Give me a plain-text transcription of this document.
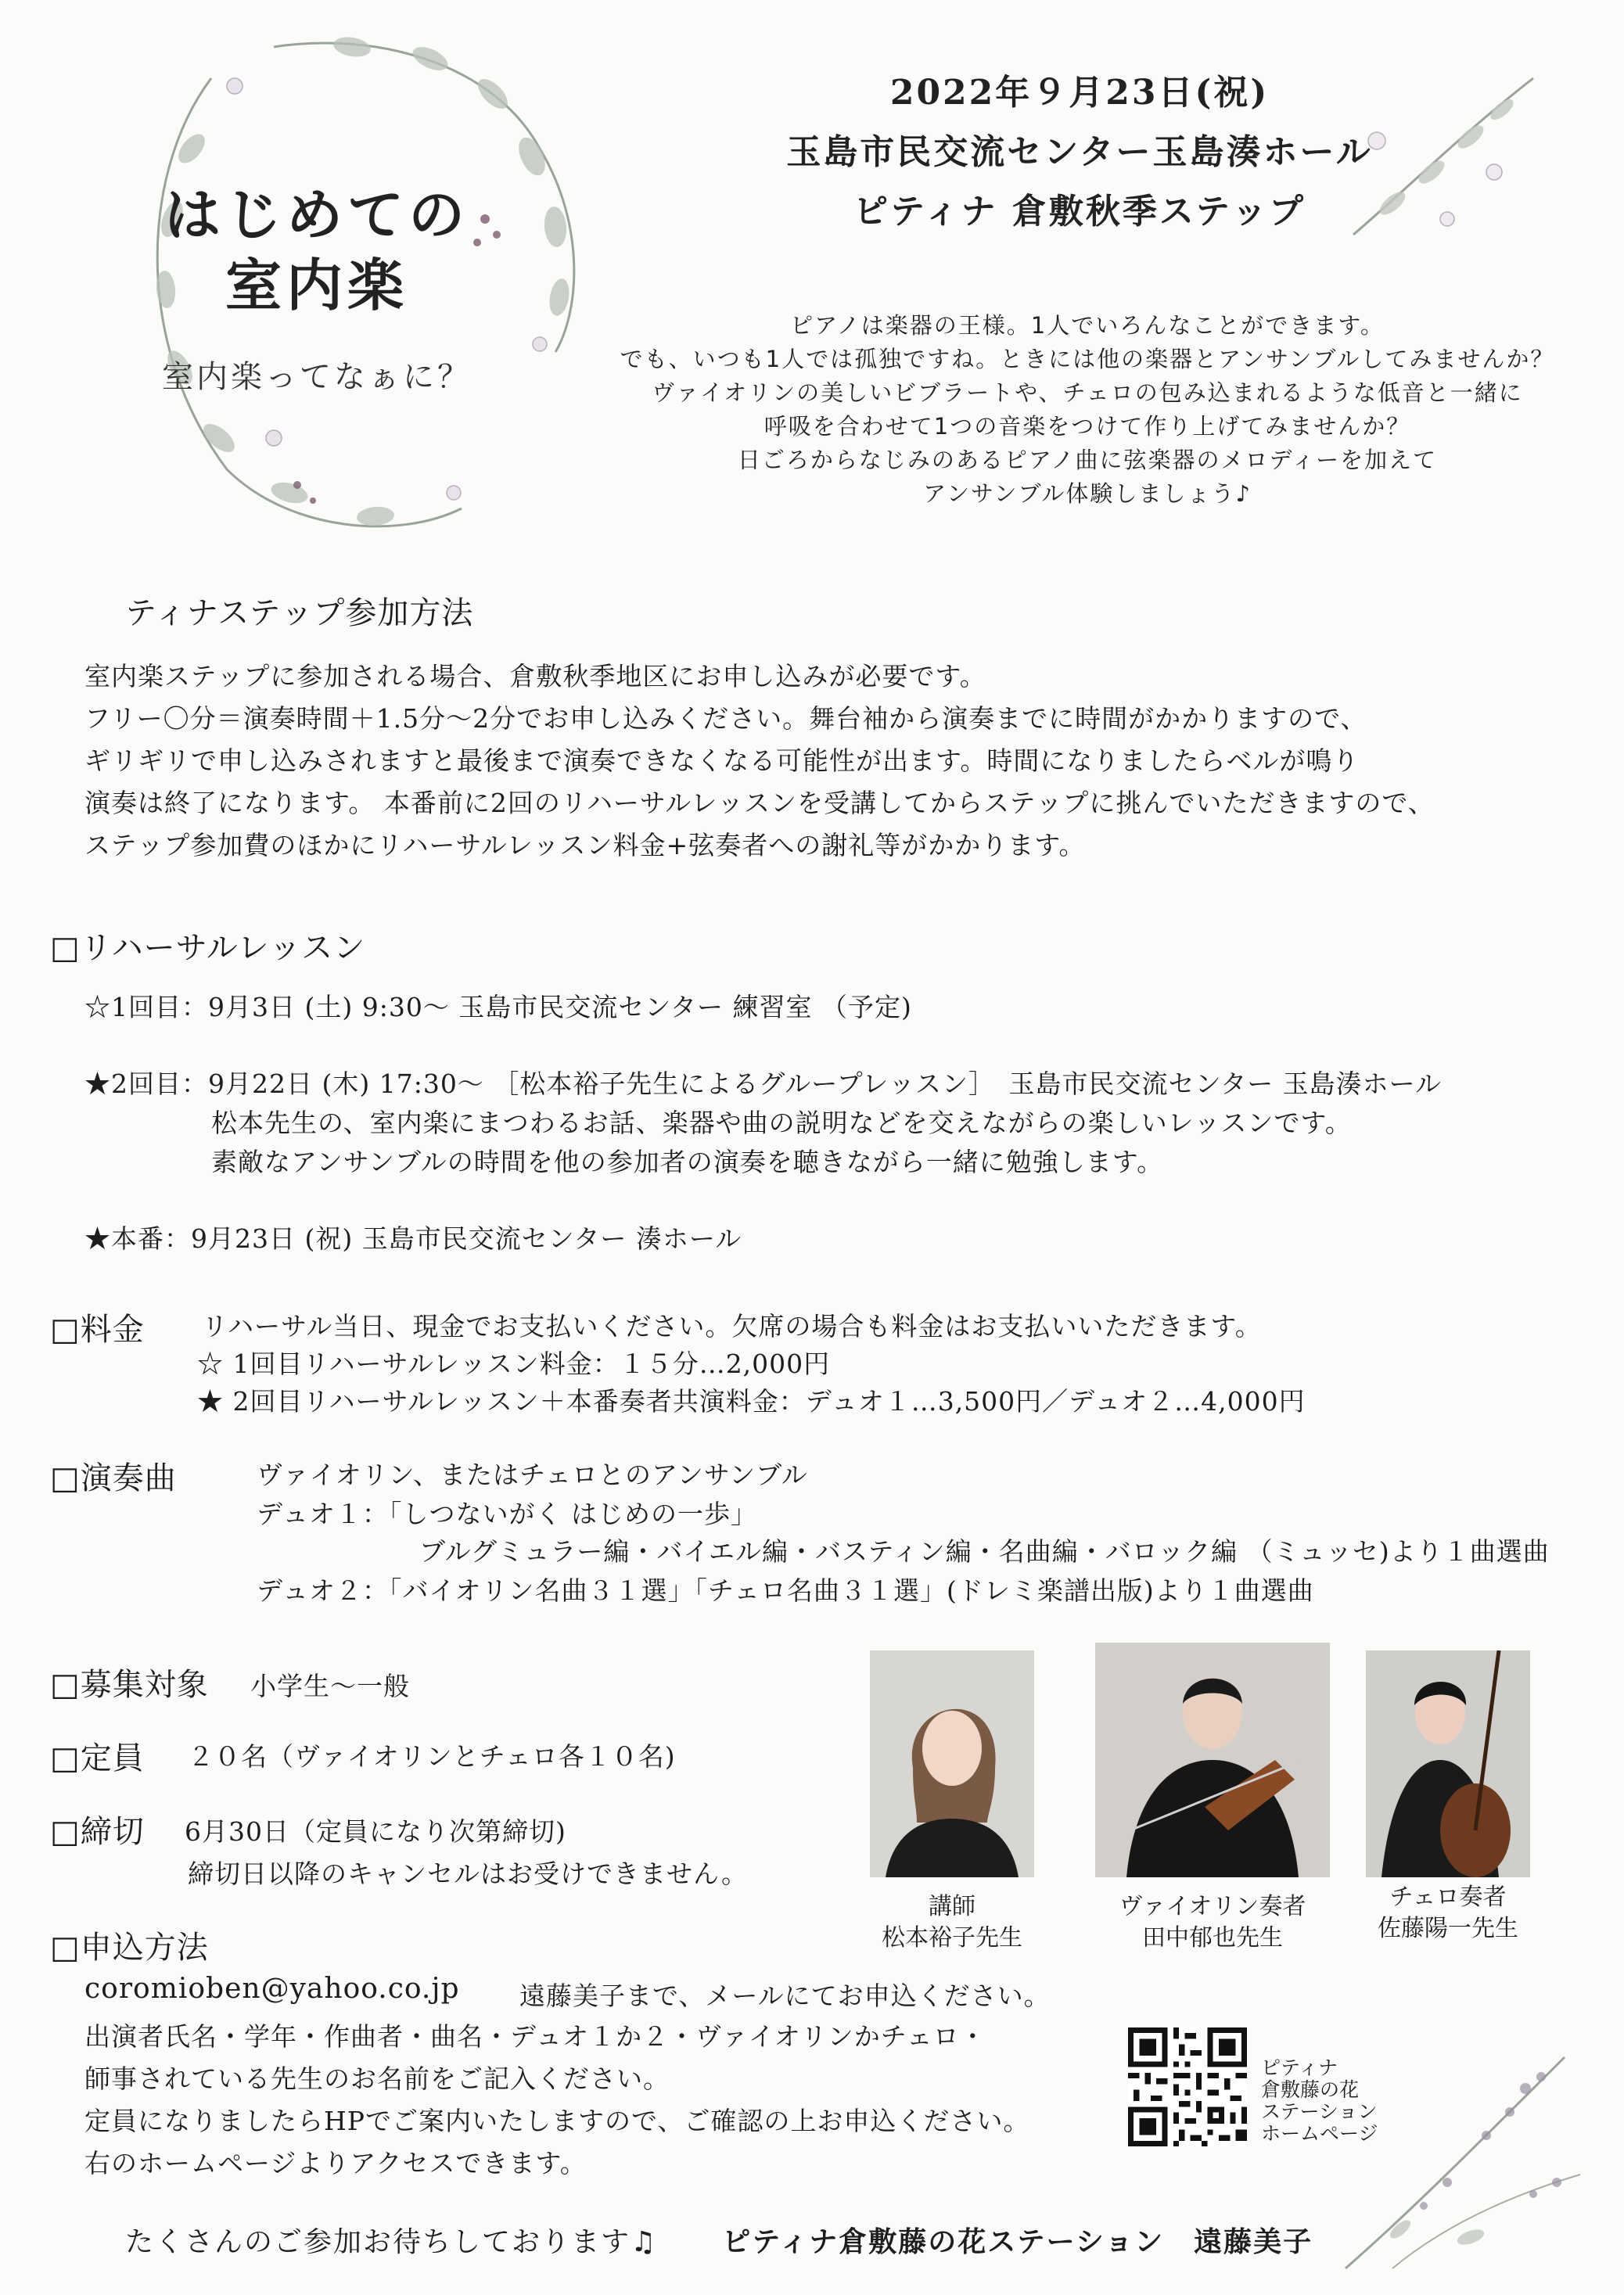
はじめての
室内楽
室内楽ってなぁに？
2022年９月23日(祝)
玉島市民交流センター玉島湊ホール
ピティナ 倉敷秋季ステップ
ピアノは楽器の王様。1人でいろんなことができます。
でも、いつも1人では孤独ですね。ときには他の楽器とアンサンブルしてみませんか？
ヴァイオリンの美しいビブラートや、チェロの包み込まれるような低音と一緒に
呼吸を合わせて1つの音楽をつけて作り上げてみませんか？
日ごろからなじみのあるピアノ曲に弦楽器のメロディーを加えて
アンサンブル体験しましょう♪
ティナステップ参加方法
室内楽ステップに参加される場合、倉敷秋季地区にお申し込みが必要です。
フリー〇分＝演奏時間＋1.5分〜2分でお申し込みください。舞台袖から演奏までに時間がかかりますので、
ギリギリで申し込みされますと最後まで演奏できなくなる可能性が出ます。時間になりましたらベルが鳴り
演奏は終了になります。 本番前に2回のリハーサルレッスンを受講してからステップに挑んでいただきますので、
ステップ参加費のほかにリハーサルレッスン料金+弦奏者への謝礼等がかかります。
□リハーサルレッスン
☆1回目：9月3日 (土) 9:30〜 玉島市民交流センター 練習室 （予定)
★2回目：9月22日 (木) 17:30〜 ［松本裕子先生によるグループレッスン］　玉島市民交流センター 玉島湊ホール
松本先生の、室内楽にまつわるお話、楽器や曲の説明などを交えながらの楽しいレッスンです。
素敵なアンサンブルの時間を他の参加者の演奏を聴きながら一緒に勉強します。
★本番：9月23日 (祝) 玉島市民交流センター 湊ホール
□料金 リハーサル当日、現金でお支払いください。欠席の場合も料金はお支払いいただきます。
☆ 1回目リハーサルレッスン料金：１５分…2,000円
★ 2回目リハーサルレッスン＋本番奏者共演料金：デュオ１…3,500円／デュオ２…4,000円
□演奏曲	ヴァイオリン、またはチェロとのアンサンブル
デュオ１：「しつないがく はじめの一歩」
ブルグミュラー編・バイエル編・バスティン編・名曲編・バロック編 （ミュッセ)より１曲選曲
デュオ２：「バイオリン名曲３１選」「チェロ名曲３１選」(ドレミ楽譜出版)より１曲選曲
□募集対象 小学生〜一般
□定員 ２０名（ヴァイオリンとチェロ各１０名)
□締切 6月30日（定員になり次第締切)
締切日以降のキャンセルはお受けできません。
□申込方法
coromioben@yahoo.co.jp 遠藤美子まで、メールにてお申込ください。
出演者氏名・学年・作曲者・曲名・デュオ１か２・ヴァイオリンかチェロ・
師事されている先生のお名前をご記入ください。
定員になりましたらHPでご案内いたしますので、ご確認の上お申込ください。
右のホームページよりアクセスできます。
講師
松本裕子先生
ヴァイオリン奏者
田中郁也先生
チェロ奏者
佐藤陽一先生
ピティナ
倉敷藤の花
ステーション
ホームページ
たくさんのご参加お待ちしております♫ ピティナ倉敷藤の花ステーション　遠藤美子
